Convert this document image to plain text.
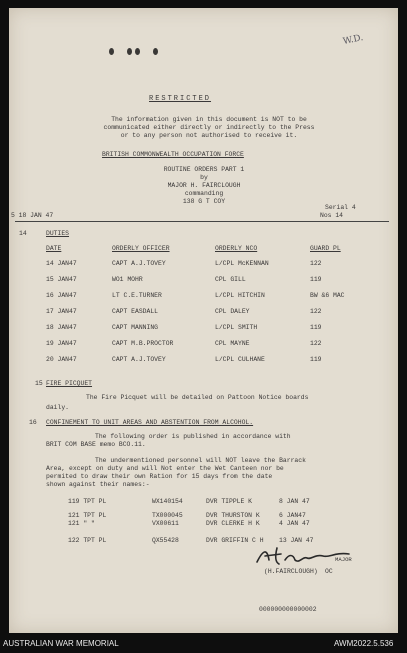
W.D.
RESTRICTED
The information given in this document is NOT to be
communicated either directly or indirectly to the Press
or to any person not authorised to receive it.
BRITISH COMMONWEALTH OCCUPATION FORCE
ROUTINE ORDERS PART 1
by
MAJOR H. FAIRCLOUGH
commanding
138 G T COY
Serial 4
Nos 14
5 18 JAN 47
14	DUTIES
DATE	ORDERLY OFFICER	ORDERLY NCO	GUARD PL
14 JAN47	CAPT A.J.TOVEY	L/CPL McKENNAN	122
15 JAN47	WO1 MOHR	CPL GILL	119
16 JAN47	LT C.E.TURNER	L/CPL HITCHIN	BW &6 MAC
17 JAN47	CAPT EASDALL	CPL DALEY	122
18 JAN47	CAPT MANNING	L/CPL SMITH	119
19 JAN47	CAPT M.B.PROCTOR	CPL MAYNE	122
20 JAN47	CAPT A.J.TOVEY	L/CPL CULHANE	119
15 FIRE PICQUET
The Fire Picquet will be detailed on Pattoon Notice boards
daily.
16 CONFINEMENT TO UNIT AREAS AND ABSTENTION FROM ALCOHOL.
The following order is published in accordance with
BRIT COM BASE memo BCO.11.
The undermentioned personnel will NOT leave the Barrack
Area, except on duty and will Not enter the Wet Canteen nor be
permited to draw their own Ration for 15 days from the date
shown against their names:-
119 TPT PL	WX140154	DVR TIPPLE K	8 JAN 47
121 TPT PL	TX000045	DVR THURSTON K	6 JAN47
121 " "	VX00611	DVR CLERKE H K	4 JAN 47
122 TPT PL	QX55428	DVR GRIFFIN C H 13 JAN 47
MAJOR
(H.FAIRCLOUGH) OC
000000000000002
AUSTRALIAN WAR MEMORIAL	AWM2022.5.536
